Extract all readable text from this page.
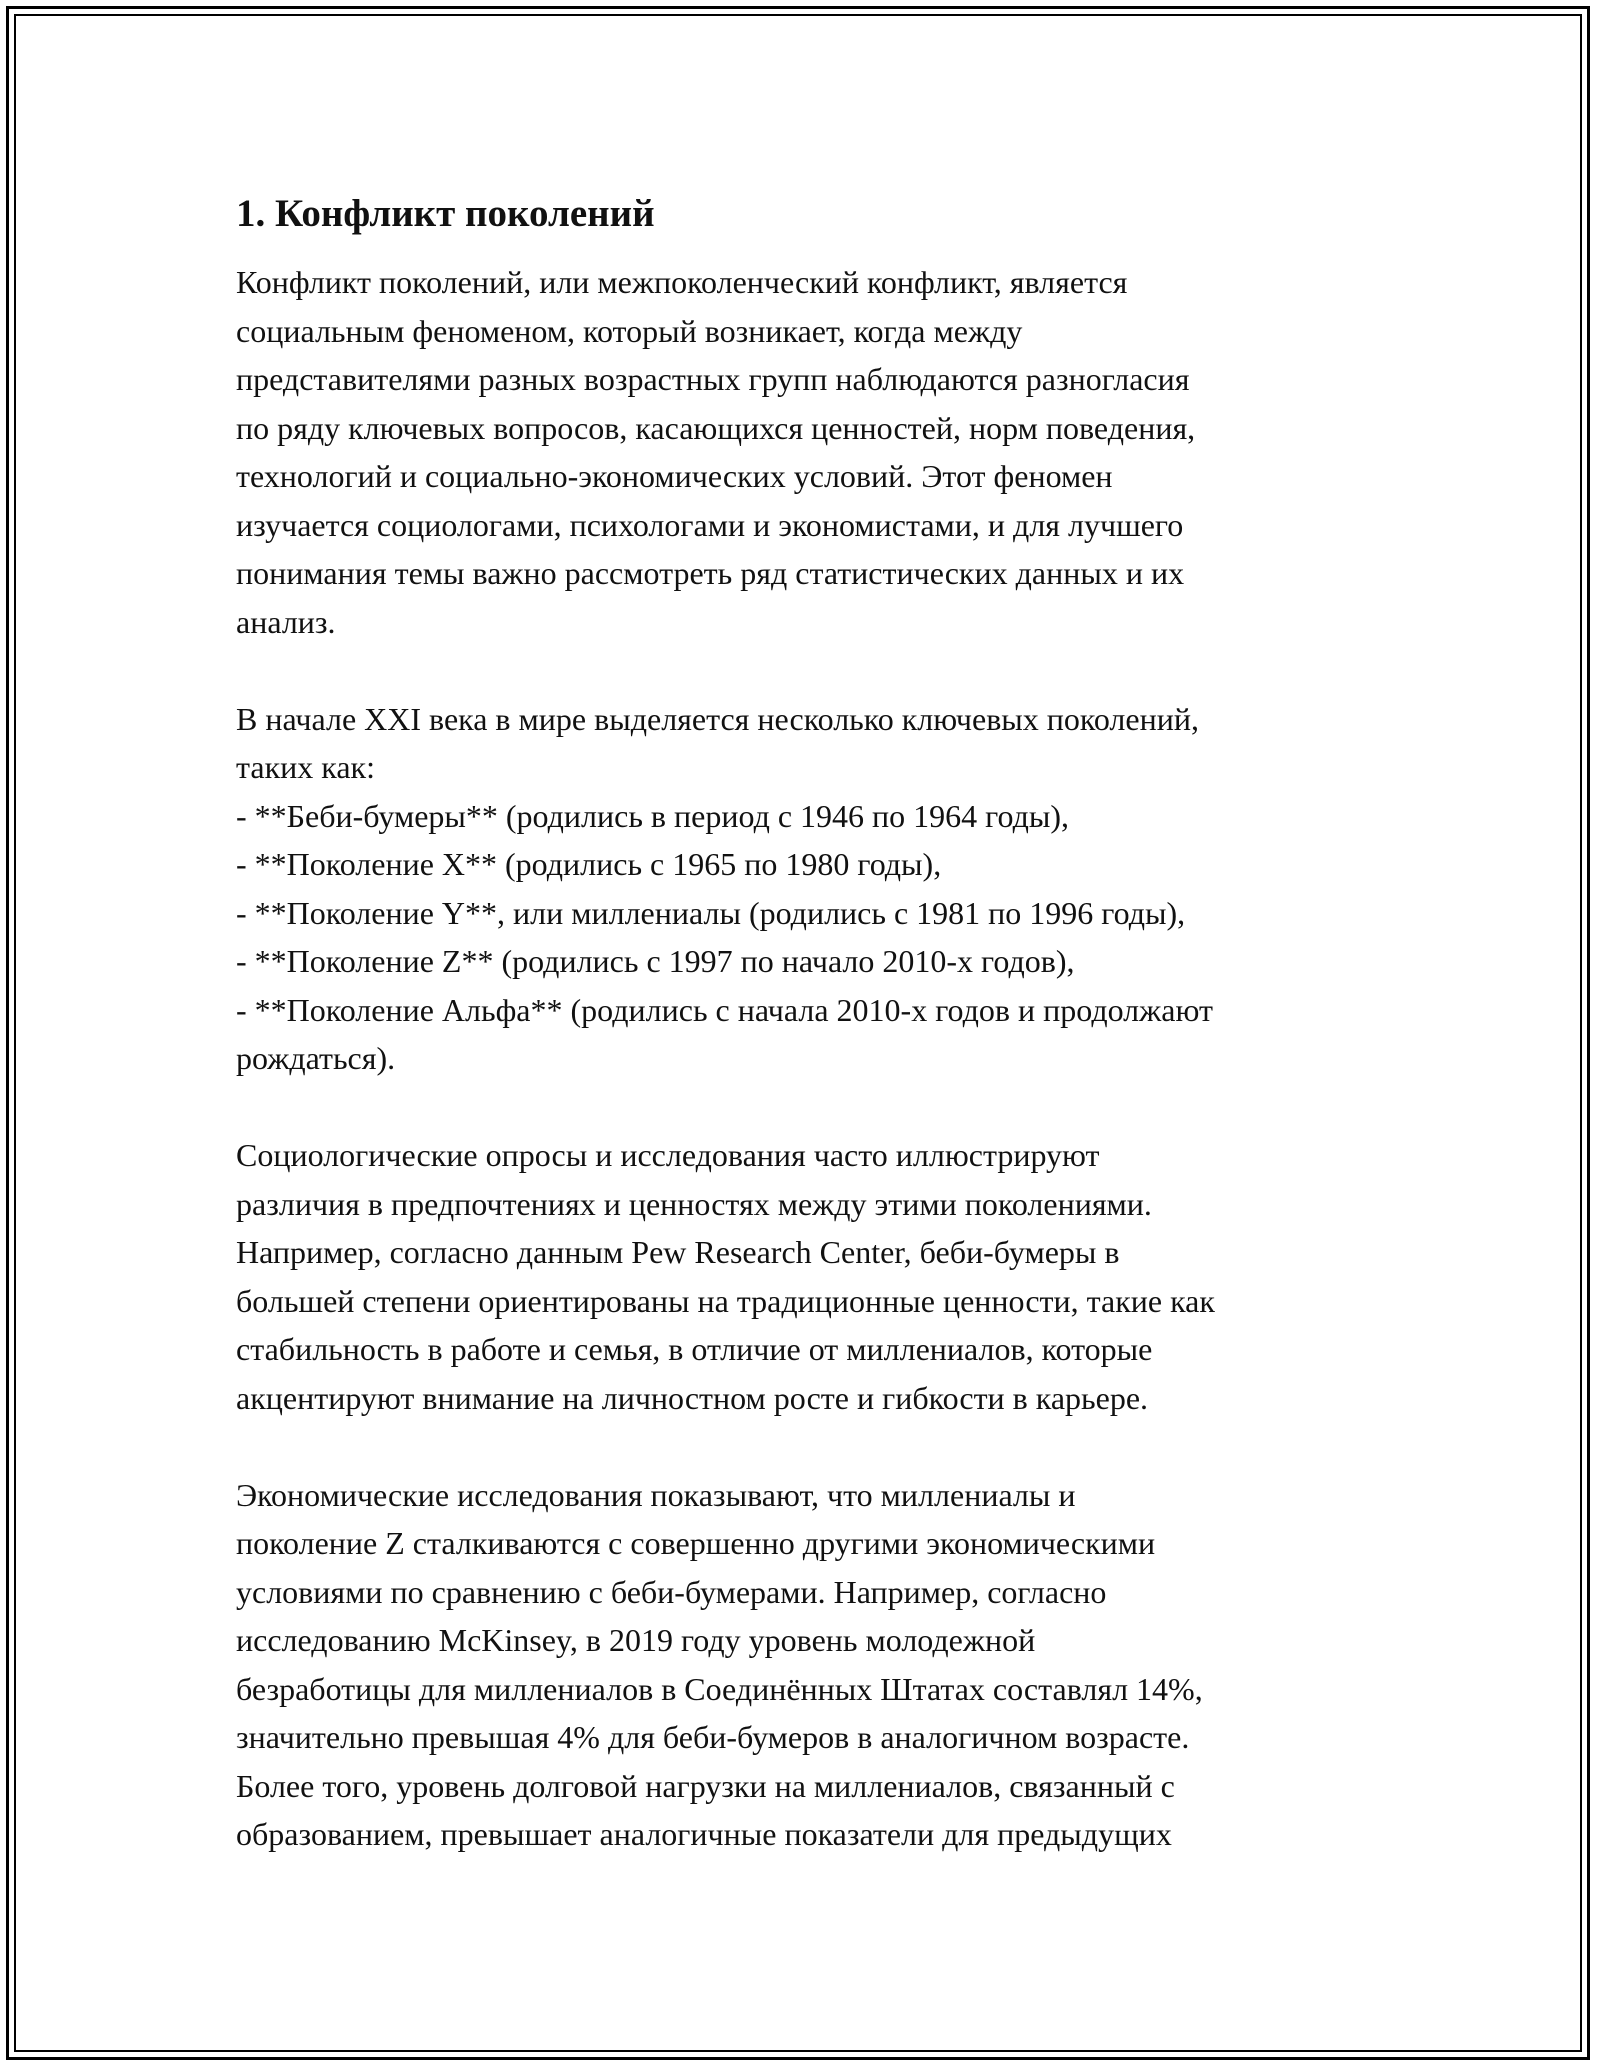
1. Конфликт поколений
Конфликт поколений, или межпоколенческий конфликт, является
социальным феноменом, который возникает, когда между
представителями разных возрастных групп наблюдаются разногласия
по ряду ключевых вопросов, касающихся ценностей, норм поведения,
технологий и социально-экономических условий. Этот феномен
изучается социологами, психологами и экономистами, и для лучшего
понимания темы важно рассмотреть ряд статистических данных и их
анализ.
В начале XXI века в мире выделяется несколько ключевых поколений,
таких как:
- **Беби-бумеры** (родились в период с 1946 по 1964 годы),
- **Поколение X** (родились с 1965 по 1980 годы),
- **Поколение Y**, или миллениалы (родились с 1981 по 1996 годы),
- **Поколение Z** (родились с 1997 по начало 2010-х годов),
- **Поколение Альфа** (родились с начала 2010-х годов и продолжают
рождаться).
Социологические опросы и исследования часто иллюстрируют
различия в предпочтениях и ценностях между этими поколениями.
Например, согласно данным Pew Research Center, беби-бумеры в
большей степени ориентированы на традиционные ценности, такие как
стабильность в работе и семья, в отличие от миллениалов, которые
акцентируют внимание на личностном росте и гибкости в карьере.
Экономические исследования показывают, что миллениалы и
поколение Z сталкиваются с совершенно другими экономическими
условиями по сравнению с беби-бумерами. Например, согласно
исследованию McKinsey, в 2019 году уровень молодежной
безработицы для миллениалов в Соединённых Штатах составлял 14%,
значительно превышая 4% для беби-бумеров в аналогичном возрасте.
Более того, уровень долговой нагрузки на миллениалов, связанный с
образованием, превышает аналогичные показатели для предыдущих
